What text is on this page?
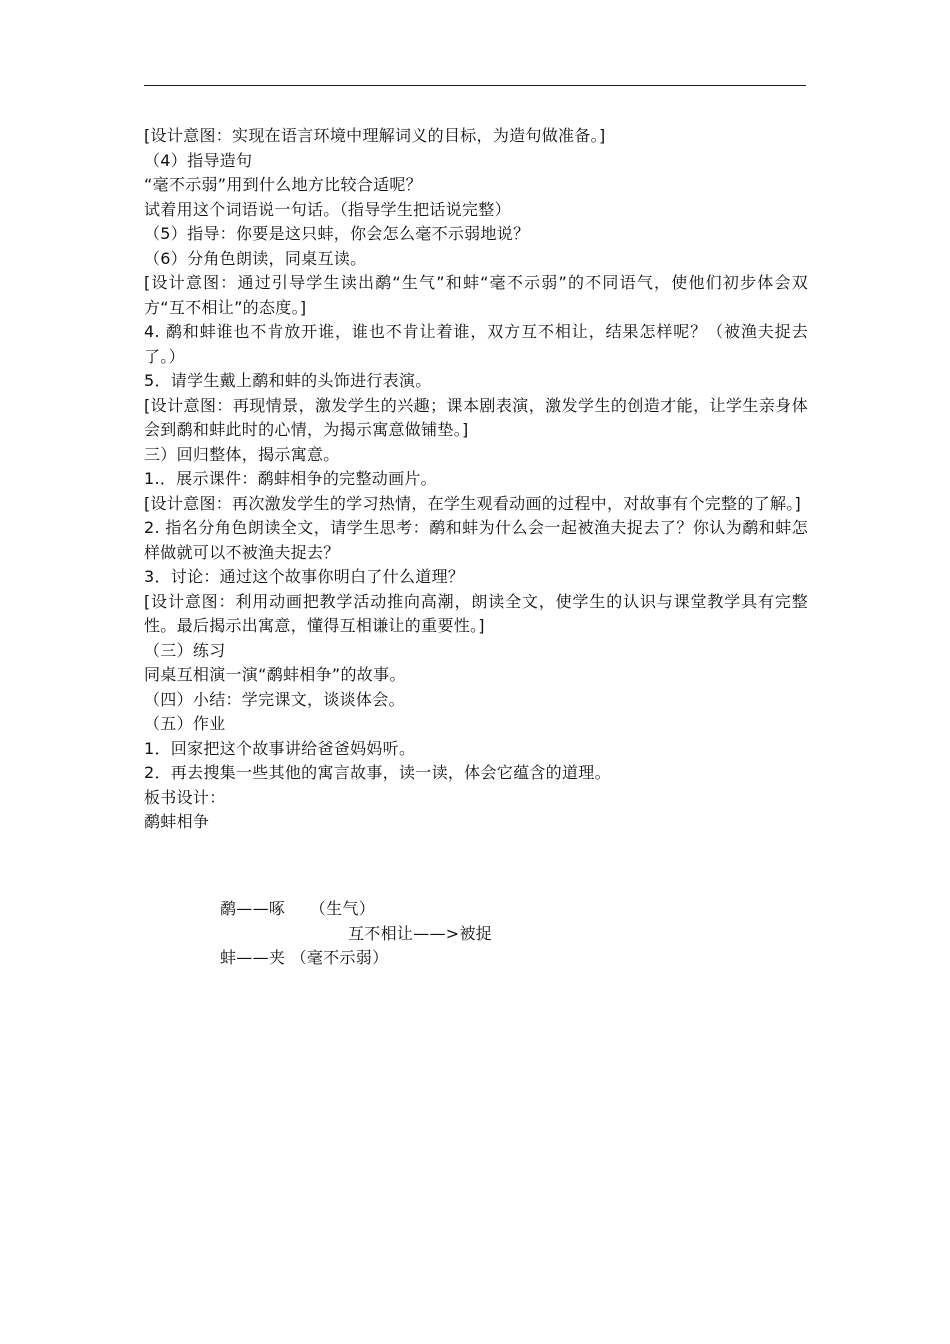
[设计意图：实现在语言环境中理解词义的目标，为造句做准备。]
（4）指导造句
“毫不示弱”用到什么地方比较合适呢？
试着用这个词语说一句话。（指导学生把话说完整）
（5）指导：你要是这只蚌，你会怎么毫不示弱地说？
（6）分角色朗读，同桌互读。
[设计意图：通过引导学生读出鹬“生气”和蚌“毫不示弱”的不同语气，使他们初步体会双方“互不相让”的态度。]
4. 鹬和蚌谁也不肯放开谁，谁也不肯让着谁，双方互不相让，结果怎样呢？（被渔夫捉去了。）
5．请学生戴上鹬和蚌的头饰进行表演。
[设计意图：再现情景，激发学生的兴趣；课本剧表演，激发学生的创造才能，让学生亲身体会到鹬和蚌此时的心情，为揭示寓意做铺垫。]
三）回归整体，揭示寓意。
1.．展示课件：鹬蚌相争的完整动画片。
[设计意图：再次激发学生的学习热情，在学生观看动画的过程中，对故事有个完整的了解。]
2. 指名分角色朗读全文，请学生思考：鹬和蚌为什么会一起被渔夫捉去了？你认为鹬和蚌怎样做就可以不被渔夫捉去？
3．讨论：通过这个故事你明白了什么道理？
[设计意图：利用动画把教学活动推向高潮，朗读全文，使学生的认识与课堂教学具有完整性。最后揭示出寓意，懂得互相谦让的重要性。]
（三）练习
同桌互相演一演“鹬蚌相争”的故事。
（四）小结：学完课文，谈谈体会。
（五）作业
1．回家把这个故事讲给爸爸妈妈听。
2．再去搜集一些其他的寓言故事，读一读，体会它蕴含的道理。
板书设计：
鹬蚌相争
鹬——啄　　（生气）
互不相让——>被捉
蚌——夹 （毫不示弱）
